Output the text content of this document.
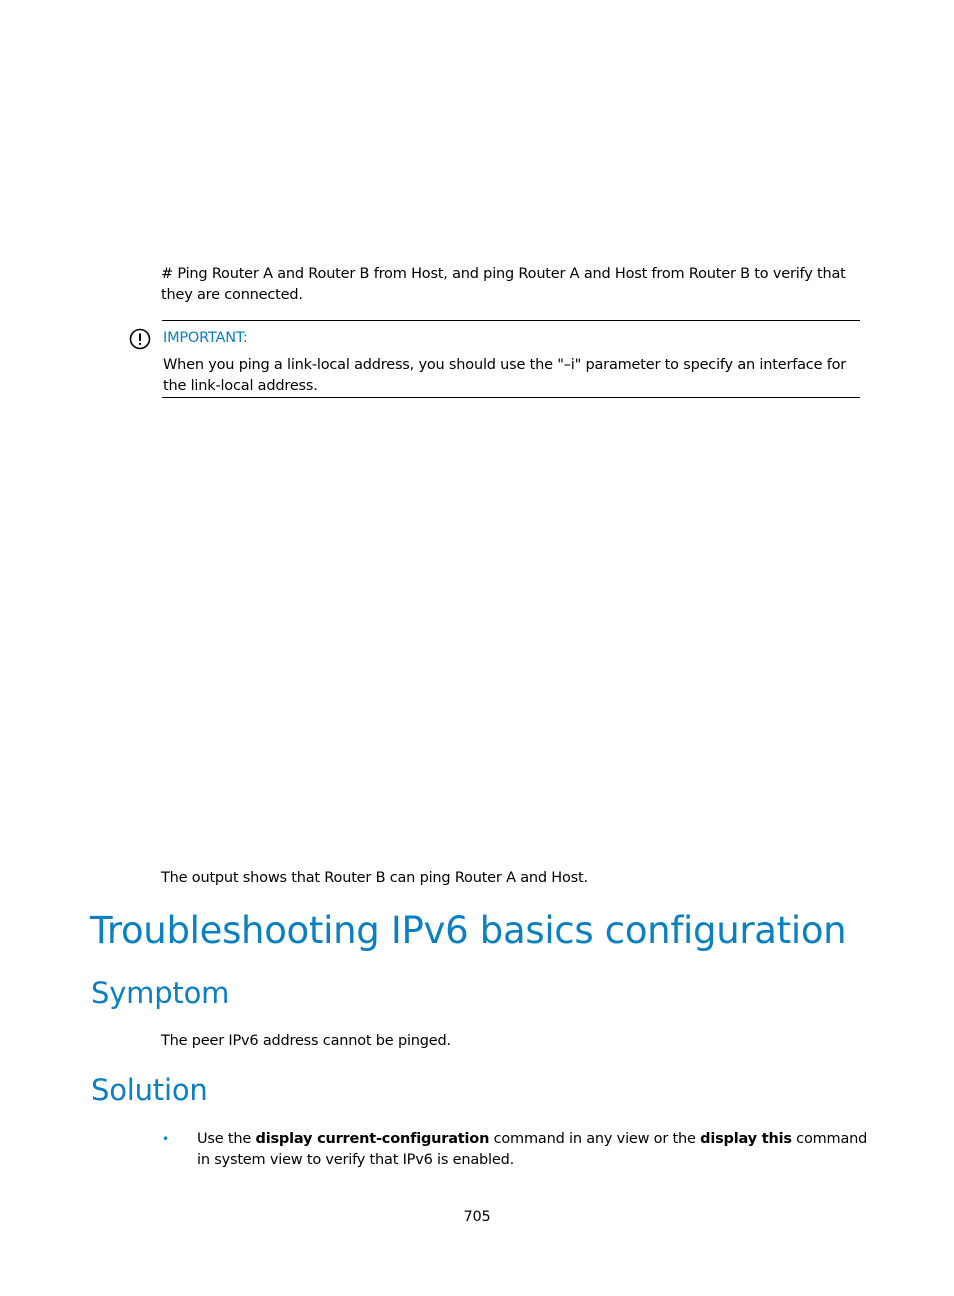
# Ping Router A and Router B from Host, and ping Router A and Host from Router B to verify that they are connected.
IMPORTANT:
When you ping a link-local address, you should use the "–i" parameter to specify an interface for the link-local address.
The output shows that Router B can ping Router A and Host.
Troubleshooting IPv6 basics configuration
Symptom
The peer IPv6 address cannot be pinged.
Solution
• Use the display current-configuration command in any view or the display this command in system view to verify that IPv6 is enabled.
705
